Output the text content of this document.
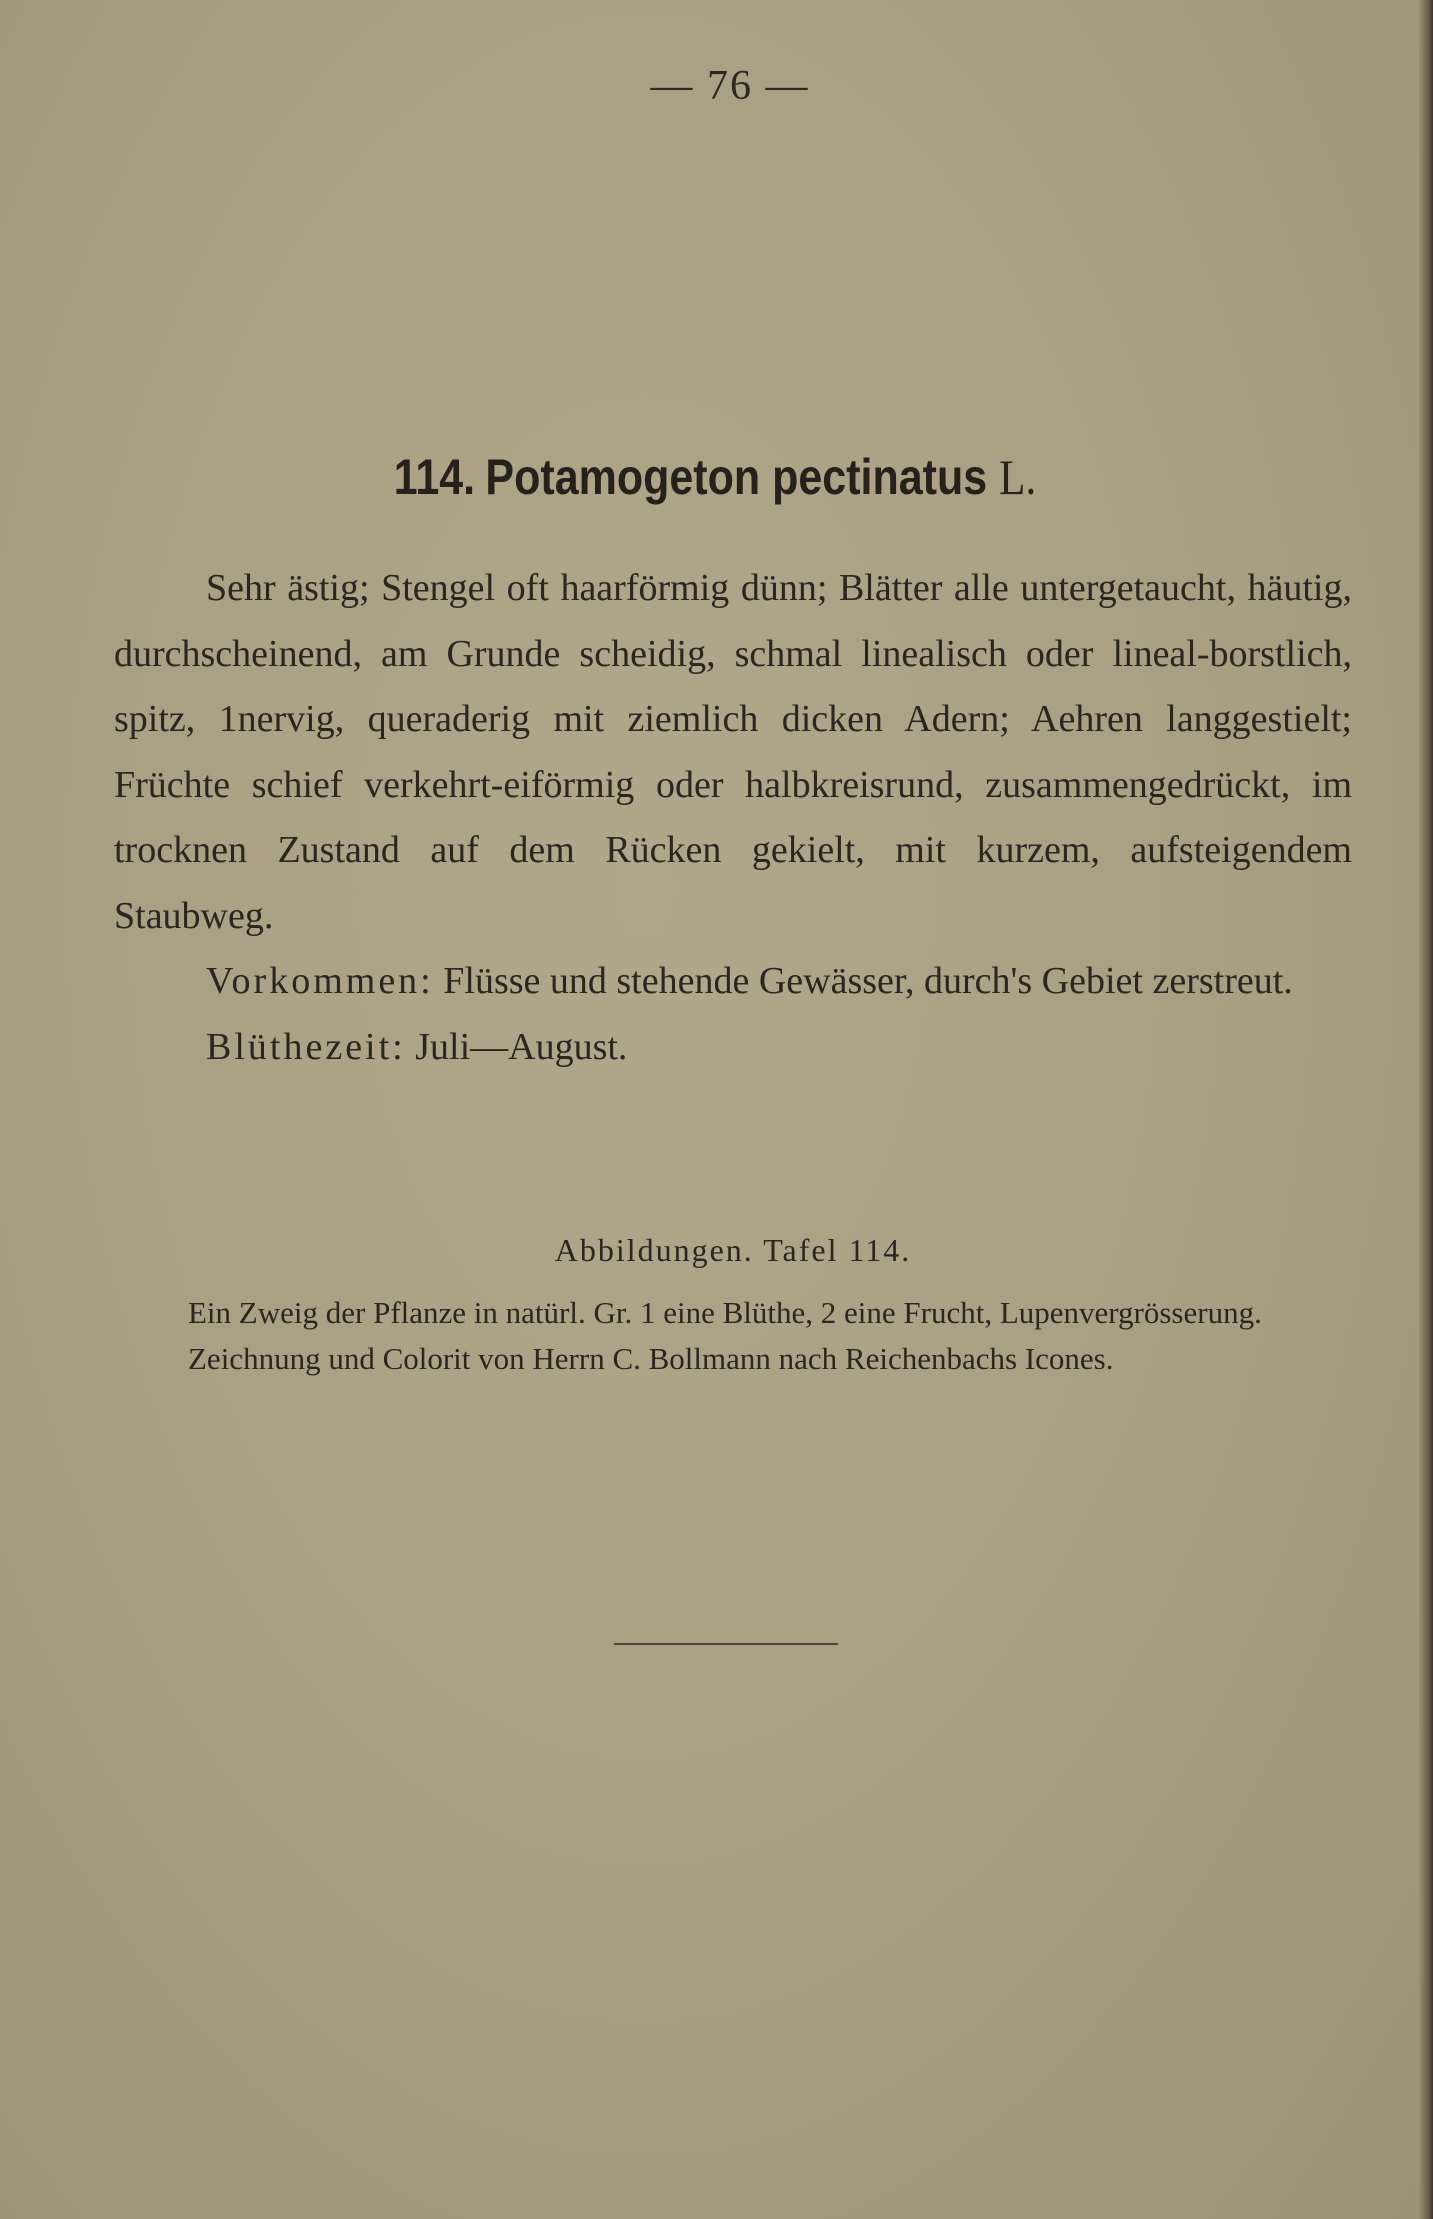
— 76 —
114. Potamogeton pectinatus L.

Sehr ästig; Stengel oft haarförmig dünn; Blätter alle untergetaucht, häutig, durchscheinend, am Grunde scheidig, schmal linealisch oder lineal-borstlich, spitz, 1nervig, queraderig mit ziemlich dicken Adern; Aehren langgestielt; Früchte schief verkehrt-eiförmig oder halbkreisrund, zusammengedrückt, im trocknen Zustand auf dem Rücken gekielt, mit kurzem, aufsteigendem Staubweg.

Vorkommen: Flüsse und stehende Gewässer, durch's Gebiet zerstreut.

Blüthezeit: Juli—August.

Abbildungen. Tafel 114.

Ein Zweig der Pflanze in natürl. Gr. 1 eine Blüthe, 2 eine Frucht, Lupenvergrösserung.

Zeichnung und Colorit von Herrn C. Bollmann nach Reichenbachs Icones.
